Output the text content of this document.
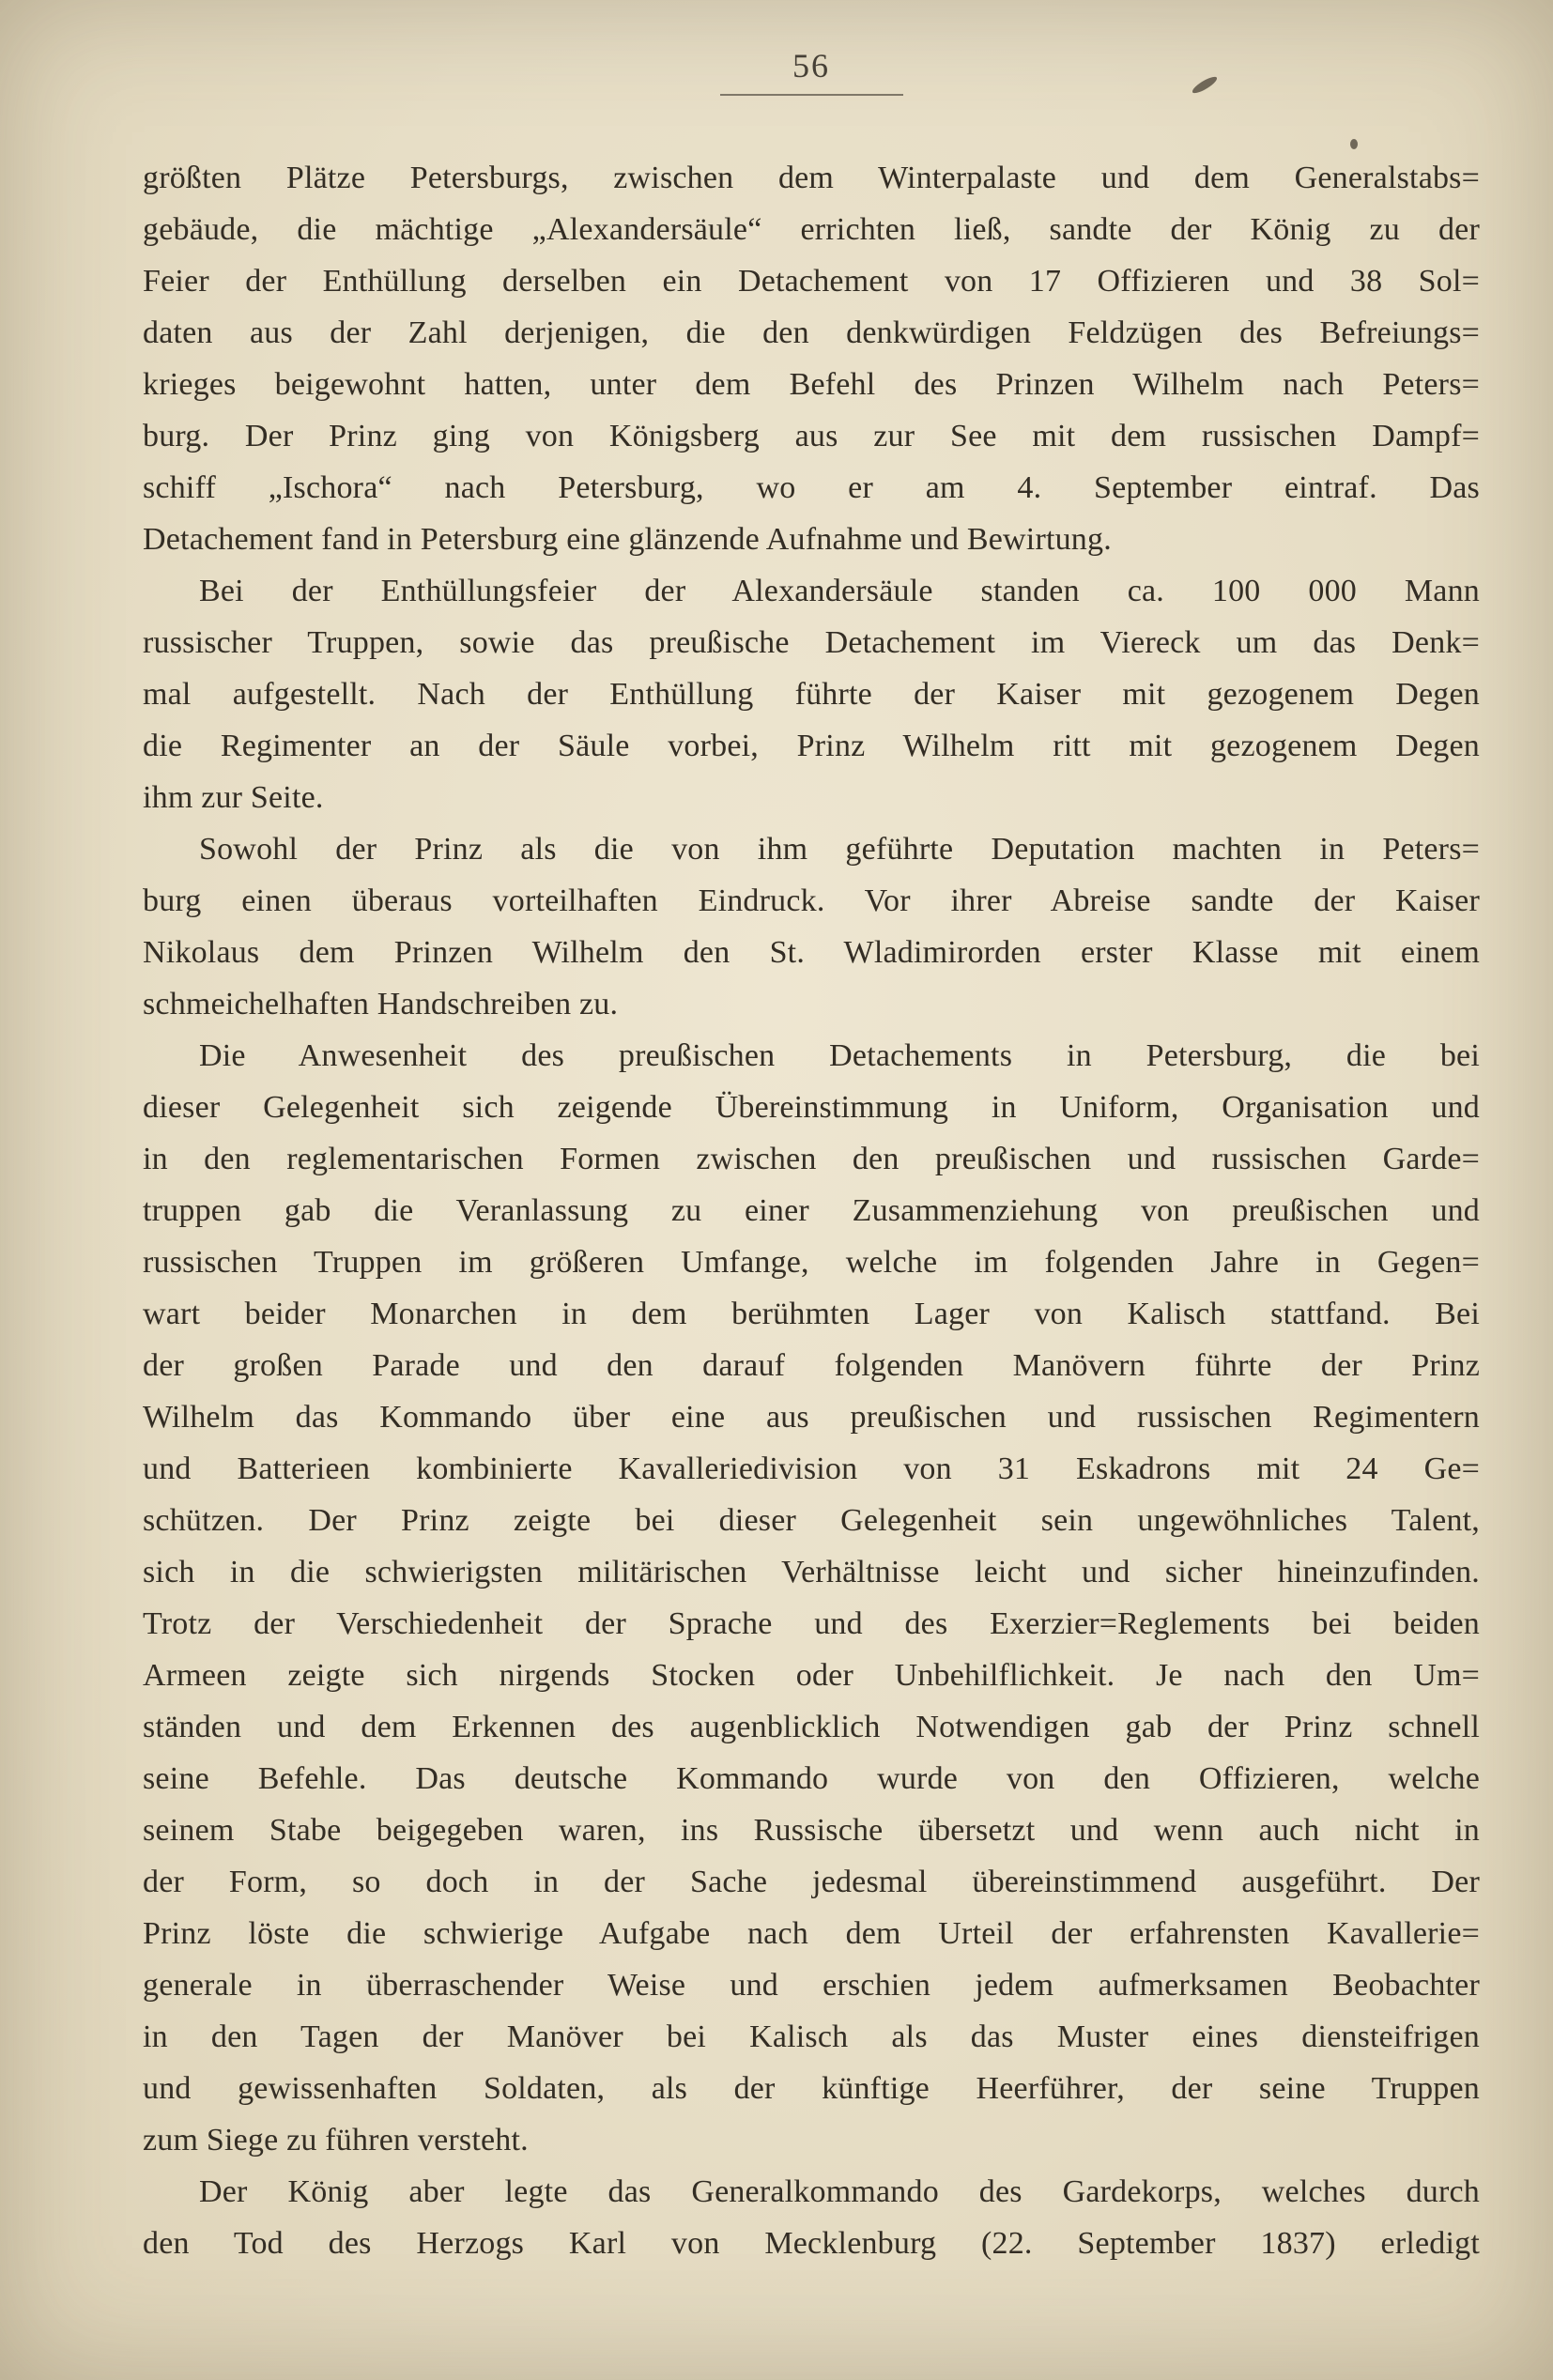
56
größten Plätze Petersburgs, zwischen dem Winterpalaste und dem Generalstabs=
gebäude, die mächtige „Alexandersäule“ errichten ließ, sandte der König zu der
Feier der Enthüllung derselben ein Detachement von 17 Offizieren und 38 Sol=
daten aus der Zahl derjenigen, die den denkwürdigen Feldzügen des Befreiungs=
krieges beigewohnt hatten, unter dem Befehl des Prinzen Wilhelm nach Peters=
burg. Der Prinz ging von Königsberg aus zur See mit dem russischen Dampf=
schiff „Ischora“ nach Petersburg, wo er am 4. September eintraf. Das
Detachement fand in Petersburg eine glänzende Aufnahme und Bewirtung.
Bei der Enthüllungsfeier der Alexandersäule standen ca. 100 000 Mann
russischer Truppen, sowie das preußische Detachement im Viereck um das Denk=
mal aufgestellt. Nach der Enthüllung führte der Kaiser mit gezogenem Degen
die Regimenter an der Säule vorbei, Prinz Wilhelm ritt mit gezogenem Degen
ihm zur Seite.
Sowohl der Prinz als die von ihm geführte Deputation machten in Peters=
burg einen überaus vorteilhaften Eindruck. Vor ihrer Abreise sandte der Kaiser
Nikolaus dem Prinzen Wilhelm den St. Wladimirorden erster Klasse mit einem
schmeichelhaften Handschreiben zu.
Die Anwesenheit des preußischen Detachements in Petersburg, die bei
dieser Gelegenheit sich zeigende Übereinstimmung in Uniform, Organisation und
in den reglementarischen Formen zwischen den preußischen und russischen Garde=
truppen gab die Veranlassung zu einer Zusammenziehung von preußischen und
russischen Truppen im größeren Umfange, welche im folgenden Jahre in Gegen=
wart beider Monarchen in dem berühmten Lager von Kalisch stattfand. Bei
der großen Parade und den darauf folgenden Manövern führte der Prinz
Wilhelm das Kommando über eine aus preußischen und russischen Regimentern
und Batterieen kombinierte Kavalleriedivision von 31 Eskadrons mit 24 Ge=
schützen. Der Prinz zeigte bei dieser Gelegenheit sein ungewöhnliches Talent,
sich in die schwierigsten militärischen Verhältnisse leicht und sicher hineinzufinden.
Trotz der Verschiedenheit der Sprache und des Exerzier=Reglements bei beiden
Armeen zeigte sich nirgends Stocken oder Unbehilflichkeit. Je nach den Um=
ständen und dem Erkennen des augenblicklich Notwendigen gab der Prinz schnell
seine Befehle. Das deutsche Kommando wurde von den Offizieren, welche
seinem Stabe beigegeben waren, ins Russische übersetzt und wenn auch nicht in
der Form, so doch in der Sache jedesmal übereinstimmend ausgeführt. Der
Prinz löste die schwierige Aufgabe nach dem Urteil der erfahrensten Kavallerie=
generale in überraschender Weise und erschien jedem aufmerksamen Beobachter
in den Tagen der Manöver bei Kalisch als das Muster eines diensteifrigen
und gewissenhaften Soldaten, als der künftige Heerführer, der seine Truppen
zum Siege zu führen versteht.
Der König aber legte das Generalkommando des Gardekorps, welches durch
den Tod des Herzogs Karl von Mecklenburg (22. September 1837) erledigt
